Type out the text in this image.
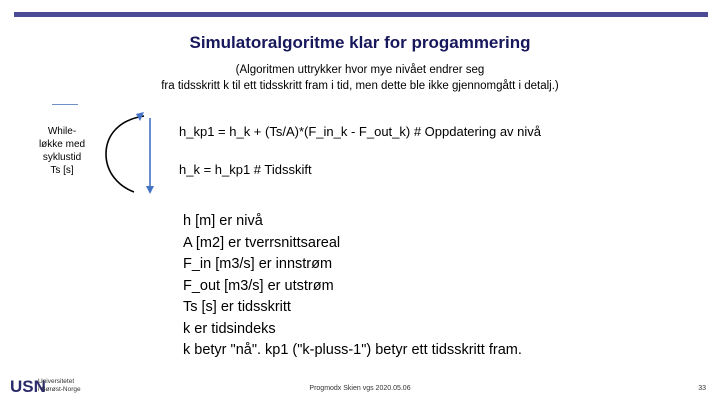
Simulatoralgoritme klar for progammering
(Algoritmen uttrykker hvor mye nivået endrer seg
fra tidsskritt k til ett tidsskritt fram i tid, men dette ble ikke gjennomgått i detalj.)
While-
løkke med
syklustid
Ts [s]
h_kp1 = h_k + (Ts/A)*(F_in_k - F_out_k) # Oppdatering av nivå
h_k = h_kp1 # Tidsskift
h [m] er nivå
A [m2] er tverrsnittsareal
F_in [m3/s] er innstrøm
F_out [m3/s] er utstrøm
Ts [s] er tidsskritt
k er tidsindeks
k betyr "nå". kp1 ("k-pluss-1") betyr ett tidsskritt fram.
USN
Universitetet
i Sørøst-Norge	Progmodx Skien vgs 2020.05.06	33
